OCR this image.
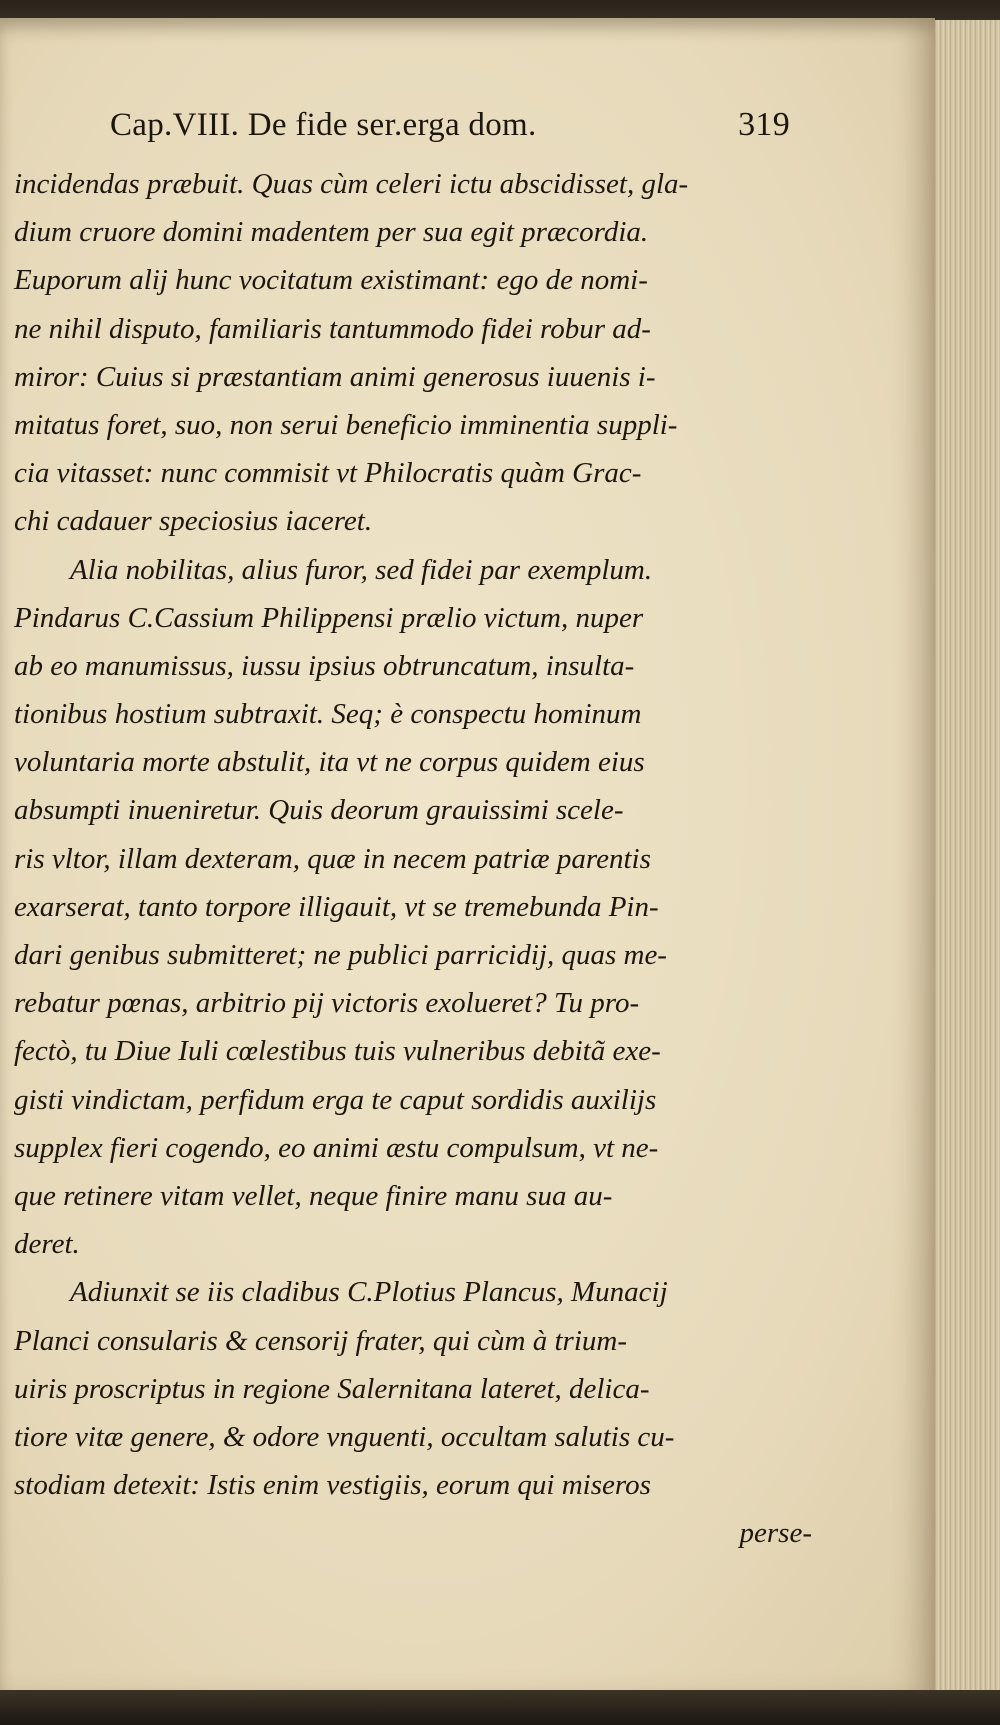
Cap.VIII. De fide ser.erga dom.	319
incidendas præbuit. Quas cùm celeri ictu abscidisset, gla-
dium cruore domini madentem per sua egit præcordia.
Euporum alij hunc vocitatum existimant: ego de nomi-
ne nihil disputo, familiaris tantummodo fidei robur ad-
miror: Cuius si præstantiam animi generosus iuuenis i-
mitatus foret, suo, non serui beneficio imminentia suppli-
cia vitasset: nunc commisit vt Philocratis quàm Grac-
chi cadauer speciosius iaceret.
Alia nobilitas, alius furor, sed fidei par exemplum.
Pindarus C.Cassium Philippensi prælio victum, nuper
ab eo manumissus, iussu ipsius obtruncatum, insulta-
tionibus hostium subtraxit. Seq; è conspectu hominum
voluntaria morte abstulit, ita vt ne corpus quidem eius
absumpti inueniretur. Quis deorum grauissimi scele-
ris vltor, illam dexteram, quæ in necem patriæ parentis
exarserat, tanto torpore illigauit, vt se tremebunda Pin-
dari genibus submitteret; ne publici parricidij, quas me-
rebatur pœnas, arbitrio pij victoris exolueret? Tu pro-
fectò, tu Diue Iuli cœlestibus tuis vulneribus debitã exe-
gisti vindictam, perfidum erga te caput sordidis auxilijs
supplex fieri cogendo, eo animi æstu compulsum, vt ne-
que retinere vitam vellet, neque finire manu sua au-
deret.
Adiunxit se iis cladibus C.Plotius Plancus, Munacij
Planci consularis & censorij frater, qui cùm à trium-
uiris proscriptus in regione Salernitana lateret, delica-
tiore vitæ genere, & odore vnguenti, occultam salutis cu-
stodiam detexit: Istis enim vestigiis, eorum qui miseros
perse-
